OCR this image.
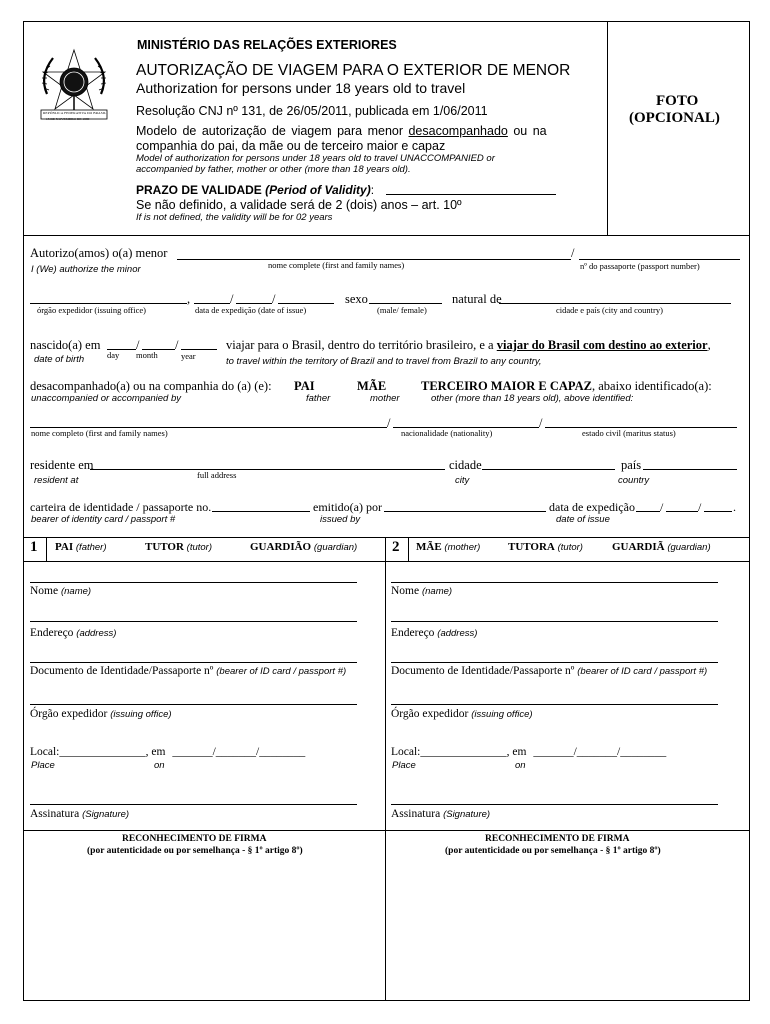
REPÚBLICA FEDERATIVA DO BRASIL
15 DE NOVEMBRO DE 1889
MINISTÉRIO DAS RELAÇÕES EXTERIORES
AUTORIZAÇÃO DE VIAGEM PARA O EXTERIOR DE MENOR
Authorization for persons under 18 years old to travel
Resolução CNJ nº 131, de 26/05/2011, publicada em 1/06/2011
Modelo de autorização de viagem para menor desacompanhado ou na
companhia do pai, da mãe ou de terceiro maior e capaz
Model of authorization for persons under 18 years old to travel UNACCOMPANIED or
accompanied by father, mother or other (more than 18 years old).
PRAZO DE VALIDADE (Period of Validity):
Se não definido, a validade será de 2 (dois) anos – art. 10º
If is not defined, the validity will be for 02 years
FOTO
(OPCIONAL)
Autorizo(amos) o(a) menor	/
I (We) authorize the minor	nome complete (first and family names)	nº do passaporte (passport number)
,	/	/	sexo	natural de
órgão expedidor (issuing office)	data de expedição (date of issue)	(male/ female)	cidade e país (city and country)
nascido(a) em	/	/	viajar para o Brasil, dentro do território brasileiro, e a viajar do Brasil com destino ao exterior,
date of birth	day month	year	to travel within the territory of Brazil and to travel from Brazil to any country,
desacompanhado(a) ou na companhia do (a) (e): PAI	MÃE	TERCEIRO MAIOR E CAPAZ, abaixo identificado(a):
unaccompanied or accompanied by	father	mother	other (more than 18 years old), above identified:
/	/
nome completo (first and family names)	nacionalidade (nationality)	estado civil (maritus status)
residente em	cidade	país
resident at	full address	city	country
carteira de identidade / passaporte no.	emitido(a) por	data de expedição /	/	.
bearer of identity card / passport #	issued by	date of issue
1 PAI (father)	TUTOR (tutor)	GUARDIÃO (guardian)
Nome (name)
Endereço (address)
Documento de Identidade/Passaporte nº (bearer of ID card / passport #)
Órgão expedidor (issuing office)
Local:_______________, em _______/_______/________
Place	on
Assinatura (Signature)
RECONHECIMENTO DE FIRMA
(por autenticidade ou por semelhança - § 1º artigo 8º)
2 MÃE (mother)	TUTORA (tutor)	GUARDIÃ (guardian)
Nome (name)
Endereço (address)
Documento de Identidade/Passaporte nº (bearer of ID card / passport #)
Órgão expedidor (issuing office)
Local:_______________, em _______/_______/________
Place	on
Assinatura (Signature)
RECONHECIMENTO DE FIRMA
(por autenticidade ou por semelhança - § 1º artigo 8º)
